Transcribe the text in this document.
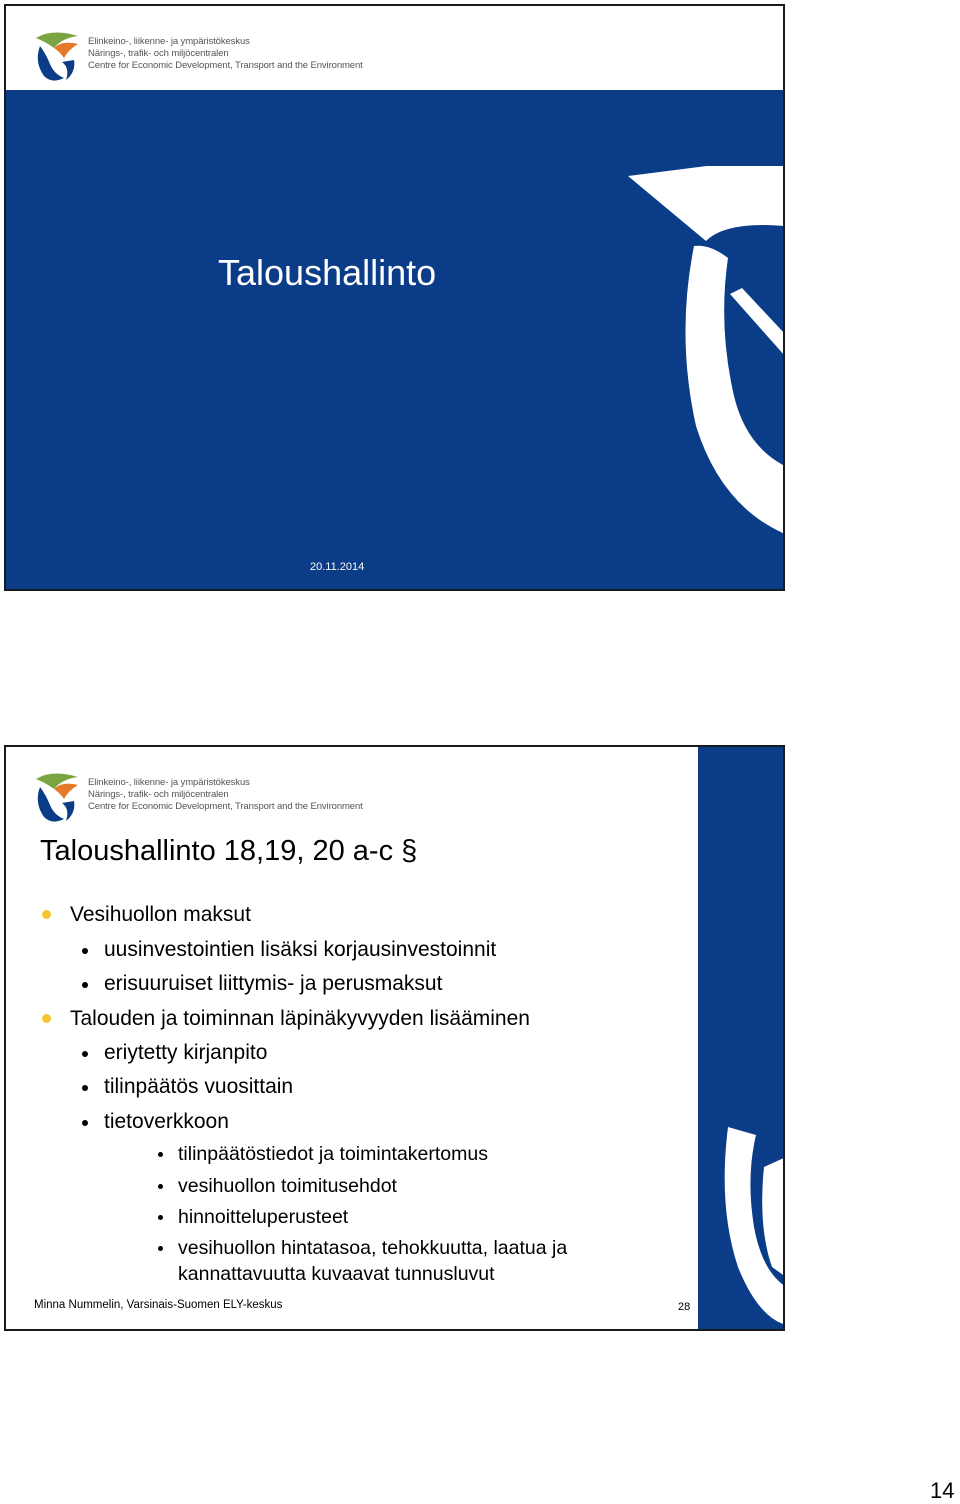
Elinkeino-, liikenne- ja ympäristökeskus
Närings-, trafik- och miljöcentralen
Centre for Economic Development, Transport and the Environment
Taloushallinto
20.11.2014
Elinkeino-, liikenne- ja ympäristökeskus
Närings-, trafik- och miljöcentralen
Centre for Economic Development, Transport and the Environment
Taloushallinto 18,19, 20 a-c §
Vesihuollon maksut
uusinvestointien lisäksi korjausinvestoinnit
erisuuruiset liittymis- ja perusmaksut
Talouden ja toiminnan läpinäkyvyyden lisääminen
eriytetty kirjanpito
tilinpäätös vuosittain
tietoverkkoon
tilinpäätöstiedot ja toimintakertomus
vesihuollon toimitusehdot
hinnoitteluperusteet
vesihuollon hintatasoa, tehokkuutta, laatua ja
kannattavuutta kuvaavat tunnusluvut
Minna Nummelin, Varsinais-Suomen ELY-keskus	28
14
